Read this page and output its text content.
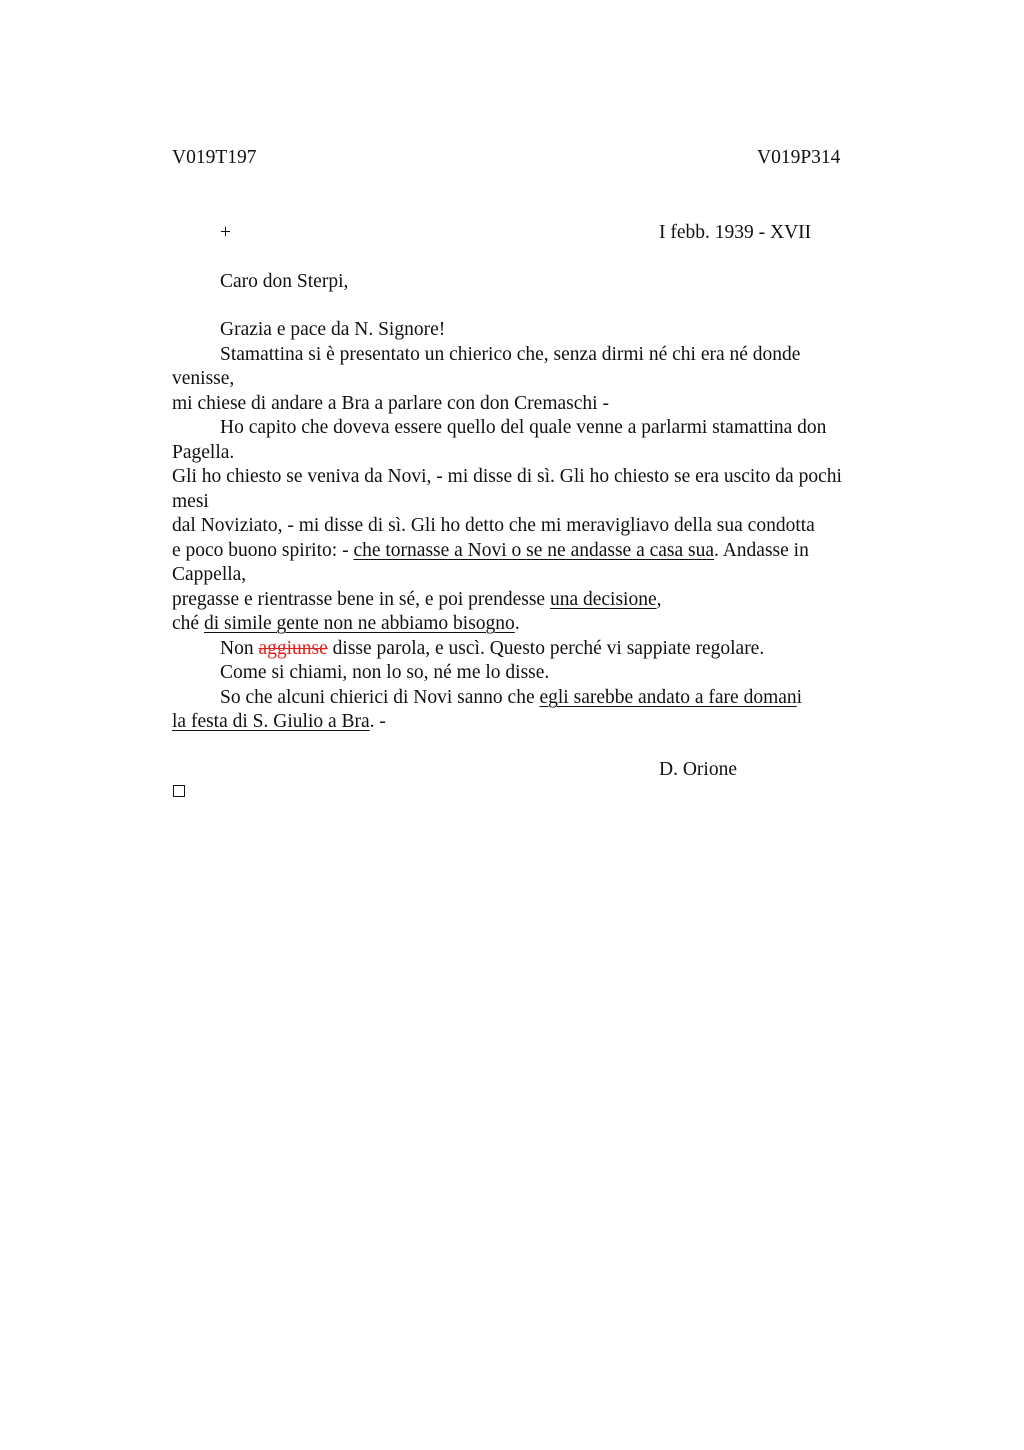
V019T197	V019P314
+	I febb. 1939 - XVII
Caro don Sterpi,
Grazia e pace da N. Signore!
Stamattina si è presentato un chierico che, senza dirmi né chi era né donde
venisse,
mi chiese di andare a Bra a parlare con don Cremaschi -
Ho capito che doveva essere quello del quale venne a parlarmi stamattina don
Pagella.
Gli ho chiesto se veniva da Novi, - mi disse di sì. Gli ho chiesto se era uscito da pochi
mesi
dal Noviziato, - mi disse di sì. Gli ho detto che mi meravigliavo della sua condotta
e poco buono spirito: - che tornasse a Novi o se ne andasse a casa sua. Andasse in
Cappella,
pregasse e rientrasse bene in sé, e poi prendesse una decisione,
ché di simile gente non ne abbiamo bisogno.
Non aggiunse disse parola, e uscì. Questo perché vi sappiate regolare.
Come si chiami, non lo so, né me lo disse.
So che alcuni chierici di Novi sanno che egli sarebbe andato a fare domani
la festa di S. Giulio a Bra. -
D. Orione
